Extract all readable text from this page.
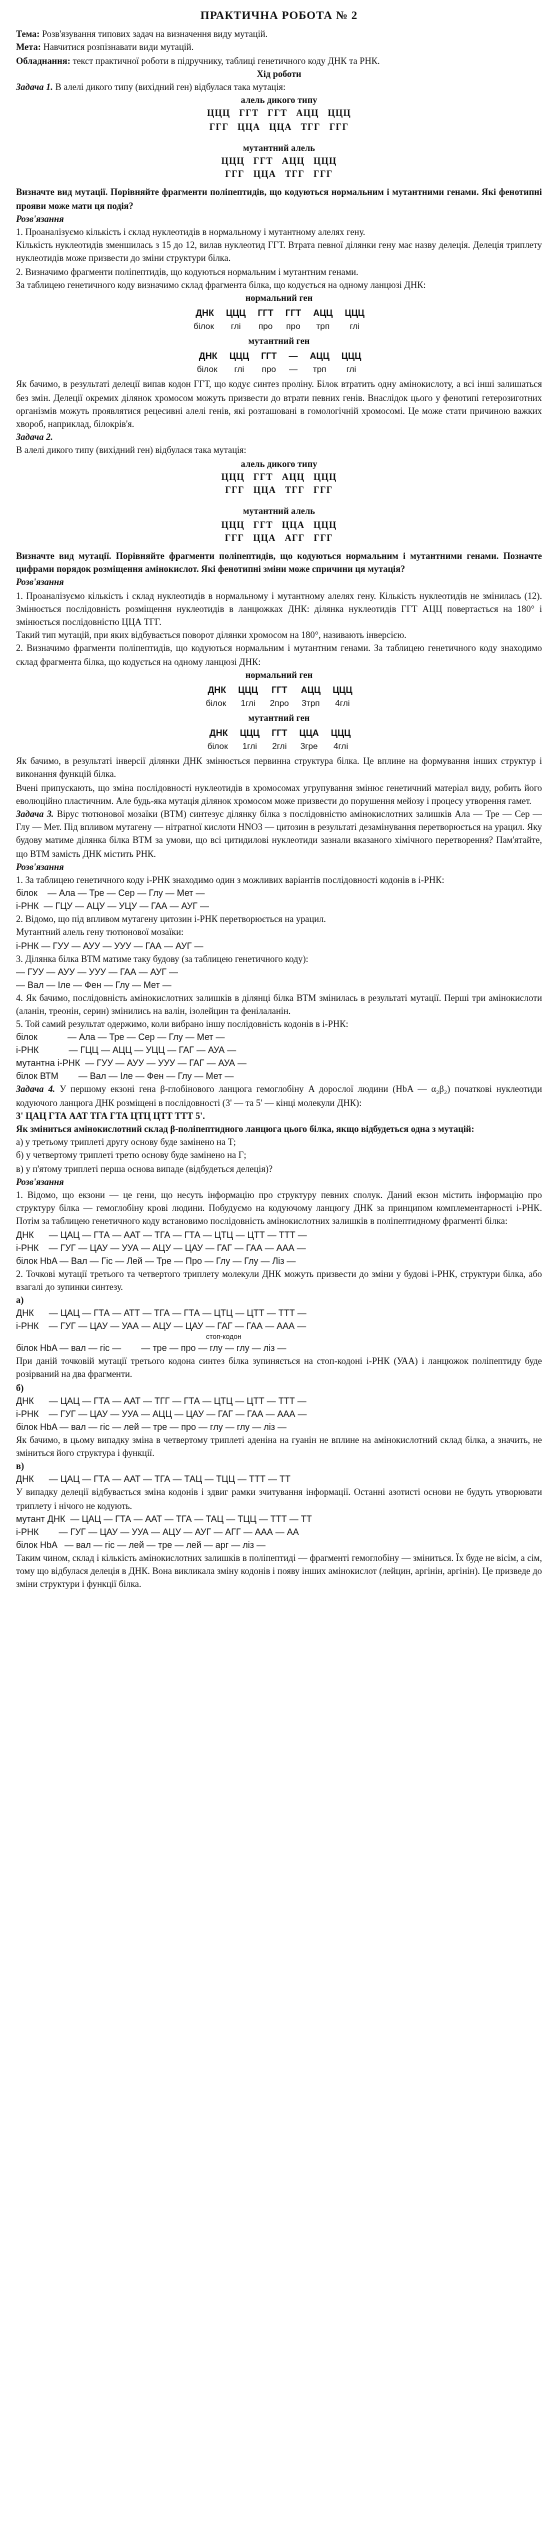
ПРАКТИЧНА РОБОТА № 2

Тема: Розв'язування типових задач на визначення виду мутацій.

Мета: Навчитися розпізнавати види мутацій.

Обладнання: текст практичної роботи в підручнику, таблиці генетичного коду ДНК та РНК.

Хід роботи

Задача 1. В алелі дикого типу (вихідний ген) відбулася така мутація:

алель дикого типу
ЦЦЦ ГГТ ГГТ АЦЦ ЦЦЦ
ГГГ ЦЦА ЦЦА ТГГ ГГГ
мутантний алель
ЦЦЦ ГГТ АЦЦ ЦЦЦ
ГГГ ЦЦА ТГГ ГГГ

Визначте вид мутації. Порівняйте фрагменти поліпептидів, що кодуються нормальним і мутантними генами. Які фенотипні прояви може мати ця подія?

Розв'язання

1. Проаналізуємо кількість і склад нуклеотидів в нормальному і мутантному алелях гену.

Кількість нуклеотидів зменшилась з 15 до 12, вилав нуклеотид ГГТ. Втрата певної ділянки гену має назву делеція. Делеція триплету нуклеотидів може призвести до зміни структури білка.

2. Визначимо фрагменти поліпептидів, що кодуються нормальним і мутантним генами.

За таблицею генетичного коду визначимо склад фрагмента білка, що кодується на одному ланцюзі ДНК:

нормальний ген
ДНК	ЦЦЦ	ГГТ	ГГТ	АЦЦ	ЦЦЦ
білок	глі	про	про	трп	глі
мутантний ген
ДНК	ЦЦЦ	ГГТ	—	АЦЦ	ЦЦЦ
білок	глі	про	—	трп	глі

Як бачимо, в результаті делеції випав кодон ГГТ, що кодує синтез проліну. Білок втратить одну амінокислоту, а всі інші залишаться без змін. Делеції окремих ділянок хромосом можуть призвести до втрати певних генів. Внаслідок цього у фенотипі гетерозиготних організмів можуть проявлятися рецесивні алелі генів, які розташовані в гомологічній хромосомі. Це може стати причиною важких хвороб, наприклад, білокрів'я.

Задача 2.

В алелі дикого типу (вихідний ген) відбулася така мутація:

алель дикого типу
ЦЦЦ ГГТ АЦЦ ЦЦЦ
ГГГ ЦЦА ТГГ ГГГ
мутантний алель
ЦЦЦ ГГТ ЦЦА ЦЦЦ
ГГГ ЦЦА АГГ ГГГ

Визначте вид мутації. Порівняйте фрагменти поліпептидів, що кодуються нормальним і мутантними генами. Позначте цифрами порядок розміщення амінокислот. Які фенотипні зміни може спричини ця мутація?

Розв'язання

1. Проаналізуємо кількість і склад нуклеотидів в нормальному і мутантному алелях гену. Кількість нуклеотидів не змінилась (12). Змінюється послідовність розміщення нуклеотидів в ланцюжках ДНК: ділянка нуклеотидів ГГТ АЦЦ повертається на 180° і змінюється послідовністю ЦЦА ТГГ.

Такий тип мутацій, при яких відбувається поворот ділянки хромосом на 180°, називають інверсією.

2. Визначимо фрагменти поліпептидів, що кодуються нормальним і мутантним генами. За таблицею генетичного коду знаходимо склад фрагмента білка, що кодується на одному ланцюзі ДНК:

нормальний ген
ДНК	ЦЦЦ	ГГТ	АЦЦ	ЦЦЦ
білок	1глі	2про	3трп	4глі
мутантний ген
ДНК	ЦЦЦ	ГГТ	ЦЦА	ЦЦЦ
білок	1глі	2глі	3гре	4глі

Як бачимо, в результаті інверсії ділянки ДНК змінюється первинна структура білка. Це вплине на формування інших структур і виконання функцій білка.

Вчені припускають, що зміна послідовності нуклеотидів в хромосомах угрупування змінює генетичний матеріал виду, робить його еволюційно пластичним. Але будь-яка мутація ділянок хромосом може призвести до порушення мейозу і процесу утворення гамет.

Задача 3. Вірус тютюнової мозаїки (ВТМ) синтезує ділянку білка з послідовністю амінокислотних залишків Ала — Тре — Сер — Глу — Мет. Під впливом мутагену — нітратної кислоти HNO3 — цитозин в результаті дезамінування перетворюється на урацил. Яку будову матиме ділянка білка ВТМ за умови, що всі цитидилові нуклеотиди зазнали вказаного хімічного перетворення? Пам'ятайте, що ВТМ замість ДНК містить РНК.

Розв'язання

1. За таблицею генетичного коду і-РНК знаходимо один з можливих варіантів послідовності кодонів в і-РНК:

білок    — Ала — Тре — Сер — Глу — Мет —
і-РНК  — ГЦУ — АЦУ — УЦУ — ГАА — АУГ —

2. Відомо, що під впливом мутагену цитозин і-РНК перетворюється на урацил.

Мутантний алель гену тютюнової мозаїки:

і-РНК — ГУУ — АУУ — УУУ — ГАА — АУГ —

3. Ділянка білка ВТМ матиме таку будову (за таблицею генетичного коду):

— ГУУ — АУУ — УУУ — ГАА — АУГ —
— Вал — Іле — Фен — Глу — Мет —

4. Як бачимо, послідовність амінокислотних залишків в ділянці білка ВТМ змінилась в результаті мутації. Перші три амінокислоти (аланін, треонін, серин) змінились на валін, ізолейцин та фенілаланін.

5. Той самий результат одержимо, коли вибрано іншу послідовність кодонів в і-РНК:

білок            — Ала — Тре — Сер — Глу — Мет —
і-РНК            — ГЦЦ — АЦЦ — УЦЦ — ГАГ — АУА —
мутантна і-РНК  — ГУУ — АУУ — УУУ — ГАГ — АУА —
білок ВТМ        — Вал — Іле — Фен — Глу — Мет —

Задача 4. У першому екзоні гена β-глобінового ланцюга гемоглобіну A дорослої людини (HbA — α₂β₂) початкові нуклеотиди кодуючого ланцюга ДНК розміщені в послідовності (3' — та 5' — кінці молекули ДНК):

3' ЦАЦ ГТА ААТ ТГА ГТА ЦТЦ ЦТТ ТТТ 5'.

Як зміниться амінокислотний склад β-поліпептидного ланцюга цього білка, якщо відбудеться одна з мутацій:

а) у третьому триплеті другу основу буде замінено на Т;

б) у четвертому триплеті третю основу буде замінено на Г;

в) у п'ятому триплеті перша основа випаде (відбудеться делеція)?

Розв'язання

1. Відомо, що екзони — це гени, що несуть інформацію про структуру певних сполук. Даний екзон містить інформацію про структуру білка — гемоглобіну крові людини. Побудуємо на кодуючому ланцюгу ДНК за принципом комплементарності і-РНК. Потім за таблицею генетичного коду встановимо послідовність амінокислотних залишків в поліпептидному фрагменті білка:

ДНК      — ЦАЦ — ГТА — ААТ — ТГА — ГТА — ЦТЦ — ЦТТ — ТТТ —
і-РНК    — ГУГ — ЦАУ — УУА — АЦУ — ЦАУ — ГАГ — ГАА — ААА —
білок HbA — Вал — Гіс — Лей — Тре — Про — Глу — Глу — Ліз —

2. Точкові мутації третього та четвертого триплету молекули ДНК можуть призвести до зміни у будові і-РНК, структури білка, або взагалі до зупинки синтезу.

а)

ДНК      — ЦАЦ — ГТА — АТТ — ТГА — ГТА — ЦТЦ — ЦТТ — ТТТ —
і-РНК    — ГУГ — ЦАУ — УАА — АЦУ — ЦАУ — ГАГ — ГАА — ААА —
стоп-кодон
білок HbA — вал — гіс —        — тре — про — глу — глу — ліз —

При даній точковій мутації третього кодона синтез білка зупиняється на стоп-кодоні і-РНК (УАА) і ланцюжок поліпептиду буде розірваний на два фрагменти.

б)

ДНК      — ЦАЦ — ГТА — ААТ — ТГГ — ГТА — ЦТЦ — ЦТТ — ТТТ —
і-РНК    — ГУГ — ЦАУ — УУА — АЦЦ — ЦАУ — ГАГ — ГАА — ААА —
білок HbA — вал — гіс — лей — тре — про — глу — глу — ліз —

Як бачимо, в цьому випадку зміна в четвертому триплеті аденіна на гуанін не вплине на амінокислотний склад білка, а значить, не зміниться його структура і функції.

в)

ДНК      — ЦАЦ — ГТА — ААТ — ТГА — ТАЦ — ТЦЦ — ТТТ — ТТ

У випадку делеції відбувається зміна кодонів і здвиг рамки зчитування інформації. Останні азотисті основи не будуть утворювати триплету і нічого не кодують.

мутант ДНК  — ЦАЦ — ГТА — ААТ — ТГА — ТАЦ — ТЦЦ — ТТТ — ТТ
і-РНК        — ГУГ — ЦАУ — УУА — АЦУ — АУГ — АГГ — ААА — АА
білок HbA   — вал — гіс — лей — тре — лей — арг — ліз —

Таким чином, склад і кількість амінокислотних залишків в поліпептиді — фрагменті гемоглобіну — зміниться. Їх буде не вісім, а сім, тому що відбулася делеція в ДНК. Вона викликала зміну кодонів і появу інших амінокислот (лейцин, аргінін, аргінін). Це призведе до зміни структури і функції білка.
